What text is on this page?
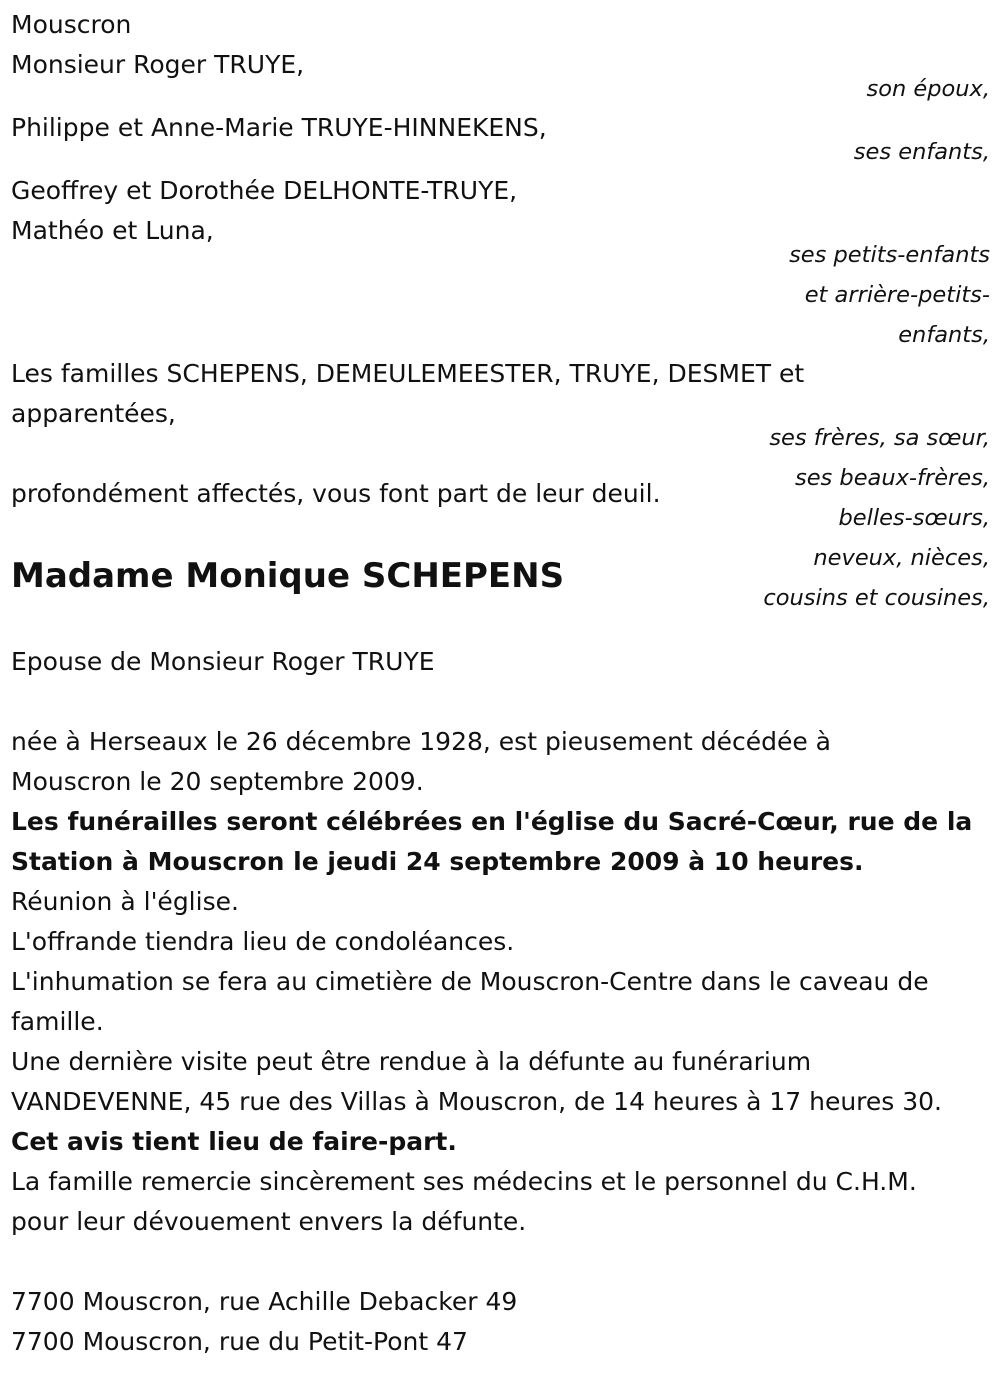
Mouscron
Monsieur Roger TRUYE,
son époux,
Philippe et Anne-Marie TRUYE-HINNEKENS,
ses enfants,
Geoffrey et Dorothée DELHONTE-TRUYE,
Mathéo et Luna,
ses petits-enfants
et arrière-petits-
enfants,
Les familles SCHEPENS, DEMEULEMEESTER, TRUYE, DESMET et
apparentées,
ses frères, sa sœur,
ses beaux-frères,
profondément affectés, vous font part de leur deuil.
belles-sœurs,
neveux, nièces,
cousins et cousines,
Madame Monique SCHEPENS
Epouse de Monsieur Roger TRUYE
née à Herseaux le 26 décembre 1928, est pieusement décédée à
Mouscron le 20 septembre 2009.
Les funérailles seront célébrées en l'église du Sacré-Cœur, rue de la
Station à Mouscron le jeudi 24 septembre 2009 à 10 heures.
Réunion à l'église.
L'offrande tiendra lieu de condoléances.
L'inhumation se fera au cimetière de Mouscron-Centre dans le caveau de
famille.
Une dernière visite peut être rendue à la défunte au funérarium
VANDEVENNE, 45 rue des Villas à Mouscron, de 14 heures à 17 heures 30.
Cet avis tient lieu de faire-part.
La famille remercie sincèrement ses médecins et le personnel du C.H.M.
pour leur dévouement envers la défunte.
7700 Mouscron, rue Achille Debacker 49
7700 Mouscron, rue du Petit-Pont 47
